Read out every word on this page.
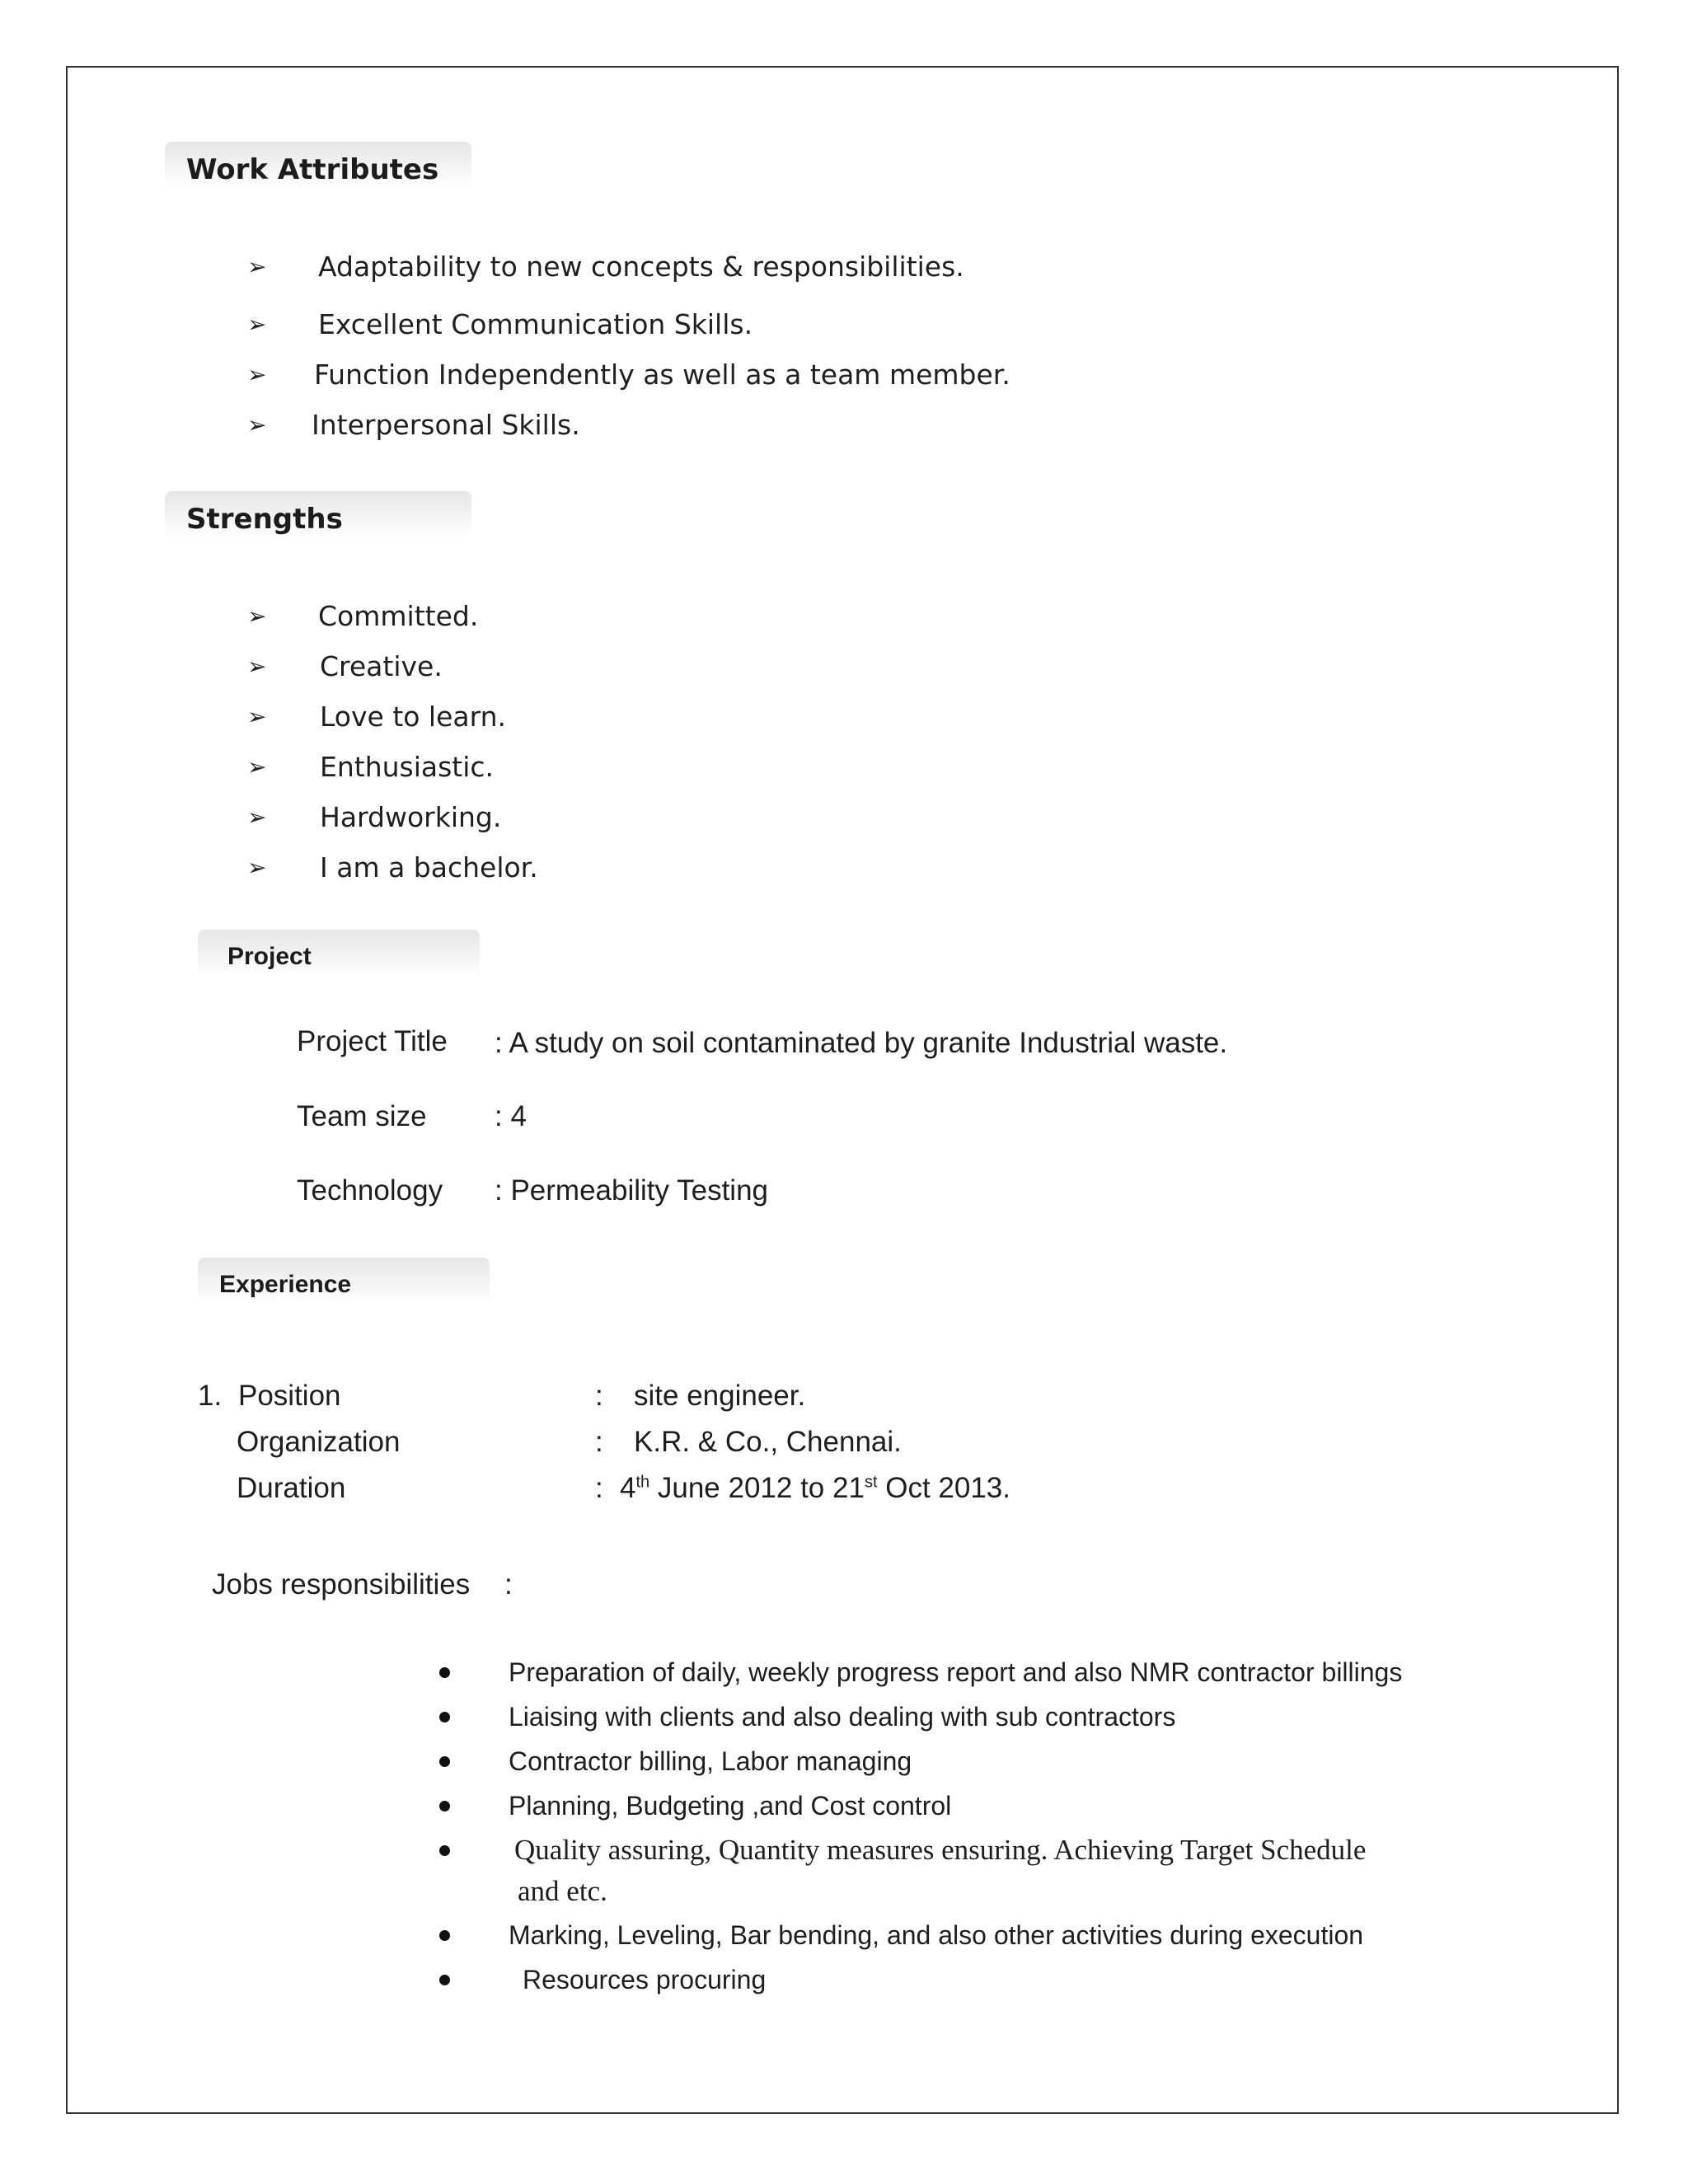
Work Attributes
➢ Adaptability to new concepts & responsibilities.
➢ Excellent Communication Skills.
➢ Function Independently as well as a team member.
➢ Interpersonal Skills.
Strengths
➢ Committed.
➢ Creative.
➢ Love to learn.
➢ Enthusiastic.
➢ Hardworking.
➢ I am a bachelor.
Project
Project Title : A study on soil contaminated by granite Industrial waste.
Team size : 4
Technology : Permeability Testing
Experience
1. Position	: site engineer.
Organization	: K.R. & Co., Chennai.
Duration	: 4th June 2012 to 21st Oct 2013.
Jobs responsibilities :
Preparation of daily, weekly progress report and also NMR contractor billings
Liaising with clients and also dealing with sub contractors
Contractor billing, Labor managing
Planning, Budgeting ,and Cost control
Quality assuring, Quantity measures ensuring. Achieving Target Schedule
and etc.
Marking, Leveling, Bar bending, and also other activities during execution
Resources procuring
